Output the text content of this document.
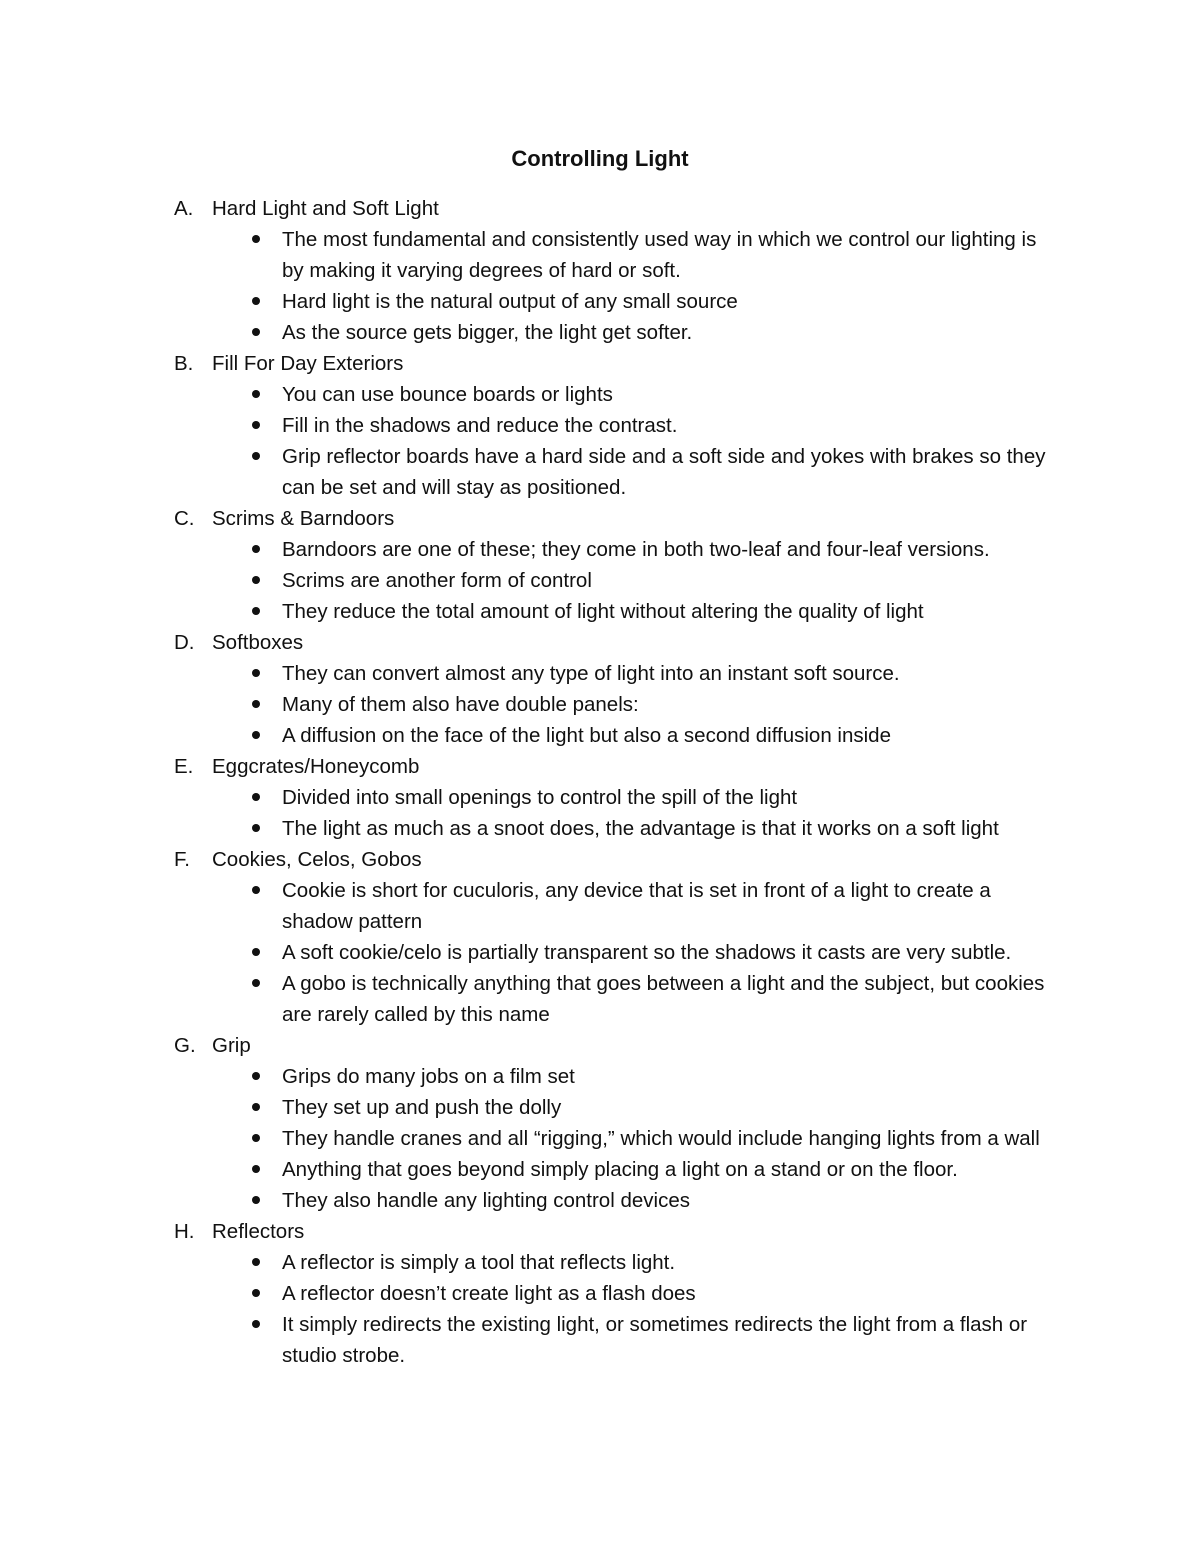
Controlling Light
A. Hard Light and Soft Light
The most fundamental and consistently used way in which we control our lighting is by making it varying degrees of hard or soft.
Hard light is the natural output of any small source
As the source gets bigger, the light get softer.
B. Fill For Day Exteriors
You can use bounce boards or lights
Fill in the shadows and reduce the contrast.
Grip reflector boards have a hard side and a soft side and yokes with brakes so they can be set and will stay as positioned.
C. Scrims & Barndoors
Barndoors are one of these; they come in both two-leaf and four-leaf versions.
Scrims are another form of control
They reduce the total amount of light without altering the quality of light
D. Softboxes
They can convert almost any type of light into an instant soft source.
Many of them also have double panels:
A diffusion on the face of the light but also a second diffusion inside
E. Eggcrates/Honeycomb
Divided into small openings to control the spill of the light
The light as much as a snoot does, the advantage is that it works on a soft light
F. Cookies, Celos, Gobos
Cookie is short for cuculoris, any device that is set in front of a light to create a shadow pattern
A soft cookie/celo is partially transparent so the shadows it casts are very subtle.
A gobo is technically anything that goes between a light and the subject, but cookies are rarely called by this name
G. Grip
Grips do many jobs on a film set
They set up and push the dolly
They handle cranes and all “rigging,” which would include hanging lights from a wall
Anything that goes beyond simply placing a light on a stand or on the floor.
They also handle any lighting control devices
H. Reflectors
A reflector is simply a tool that reflects light.
A reflector doesn’t create light as a flash does
It simply redirects the existing light, or sometimes redirects the light from a flash or studio strobe.
